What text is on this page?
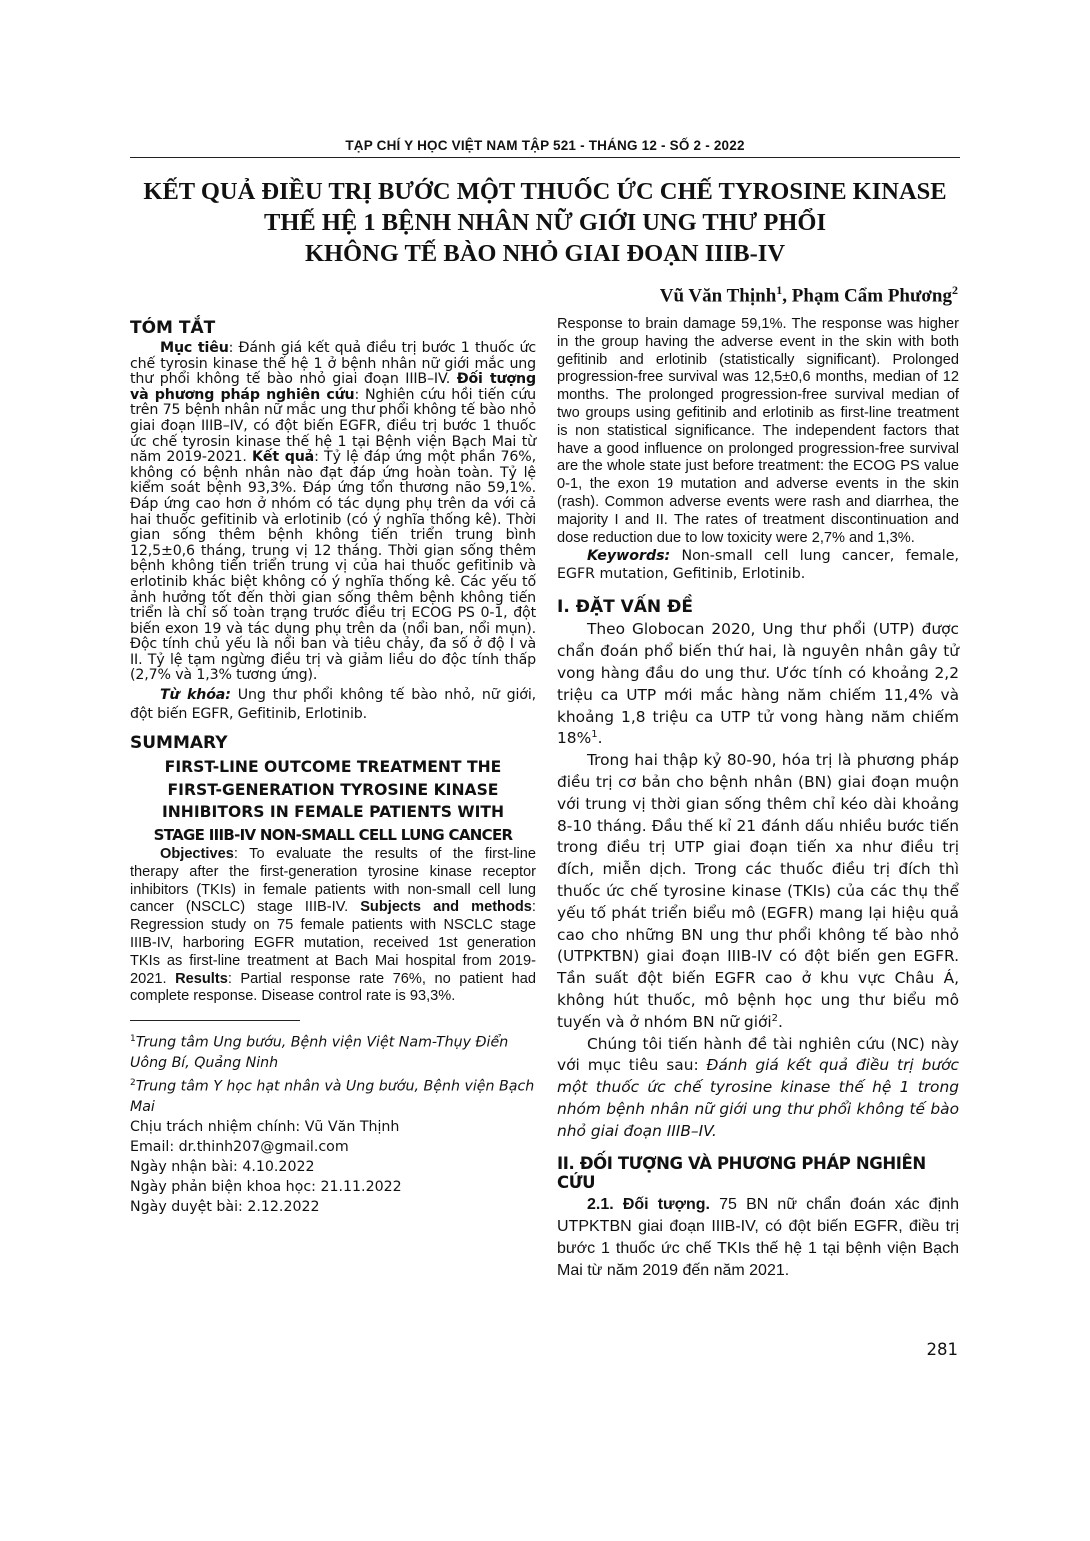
TẠP CHÍ Y HỌC VIỆT NAM TẬP 521 - THÁNG 12 - SỐ 2 - 2022
KẾT QUẢ ĐIỀU TRỊ BƯỚC MỘT THUỐC ỨC CHẾ TYROSINE KINASE
THẾ HỆ 1 BỆNH NHÂN NỮ GIỚI UNG THƯ PHỔI
KHÔNG TẾ BÀO NHỎ GIAI ĐOẠN IIIB-IV
Vũ Văn Thịnh$^1$, Phạm Cẩm Phương$^2$
TÓM TẮT

Mục tiêu: Đánh giá kết quả điều trị bước 1 thuốc ức chế tyrosin kinase thế hệ 1 ở bệnh nhân nữ giới mắc ung thư phổi không tế bào nhỏ giai đoạn IIIB–IV. Đối tượng và phương pháp nghiên cứu: Nghiên cứu hồi tiến cứu trên 75 bệnh nhân nữ mắc ung thư phổi không tế bào nhỏ giai đoạn IIIB–IV, có đột biến EGFR, điều trị bước 1 thuốc ức chế tyrosin kinase thế hệ 1 tại Bệnh viện Bạch Mai từ năm 2019-2021. Kết quả: Tỷ lệ đáp ứng một phần 76%, không có bệnh nhân nào đạt đáp ứng hoàn toàn. Tỷ lệ kiểm soát bệnh 93,3%. Đáp ứng tổn thương não 59,1%. Đáp ứng cao hơn ở nhóm có tác dụng phụ trên da với cả hai thuốc gefitinib và erlotinib (có ý nghĩa thống kê). Thời gian sống thêm bệnh không tiến triển trung bình 12,5±0,6 tháng, trung vị 12 tháng. Thời gian sống thêm bệnh không tiến triển trung vị của hai thuốc gefitinib và erlotinib khác biệt không có ý nghĩa thống kê. Các yếu tố ảnh hưởng tốt đến thời gian sống thêm bệnh không tiến triển là chỉ số toàn trạng trước điều trị ECOG PS 0-1, đột biến exon 19 và tác dụng phụ trên da (nổi ban, nổi mụn). Độc tính chủ yếu là nổi ban và tiêu chảy, đa số ở độ I và II. Tỷ lệ tạm ngừng điều trị và giảm liều do độc tính thấp (2,7% và 1,3% tương ứng).

Từ khóa: Ung thư phổi không tế bào nhỏ, nữ giới, đột biến EGFR, Gefitinib, Erlotinib.

SUMMARY

FIRST-LINE OUTCOME TREATMENT THE

FIRST-GENERATION TYROSINE KINASE

INHIBITORS IN FEMALE PATIENTS WITH

STAGE IIIB-IV NON-SMALL CELL LUNG CANCER

Objectives: To evaluate the results of the first-line therapy after the first-generation tyrosine kinase receptor inhibitors (TKIs) in female patients with non-small cell lung cancer (NSCLC) stage IIIB-IV. Subjects and methods: Regression study on 75 female patients with NSCLC stage IIIB-IV, harboring EGFR mutation, received 1st generation TKIs as first-line treatment at Bach Mai hospital from 2019-2021. Results: Partial response rate 76%, no patient had complete response. Disease control rate is 93,3%.

$^1$Trung tâm Ung bướu, Bệnh viện Việt Nam-Thụy Điển Uông Bí, Quảng Ninh

$^2$Trung tâm Y học hạt nhân và Ung bướu, Bệnh viện Bạch Mai

Chịu trách nhiệm chính: Vũ Văn Thịnh

Email: dr.thinh207@gmail.com

Ngày nhận bài: 4.10.2022

Ngày phản biện khoa học: 21.11.2022

Ngày duyệt bài: 2.12.2022

Response to brain damage 59,1%. The response was higher in the group having the adverse event in the skin with both gefitinib and erlotinib (statistically significant). Prolonged progression-free survival was 12,5±0,6 months, median of 12 months. The prolonged progression-free survival median of two groups using gefitinib and erlotinib as first-line treatment is non statistical significance. The independent factors that have a good influence on prolonged progression-free survival are the whole state just before treatment: the ECOG PS value 0-1, the exon 19 mutation and adverse events in the skin (rash). Common adverse events were rash and diarrhea, the majority I and II. The rates of treatment discontinuation and dose reduction due to low toxicity were 2,7% and 1,3%.

Keywords: Non-small cell lung cancer, female, EGFR mutation, Gefitinib, Erlotinib.

I. ĐẶT VẤN ĐỀ

Theo Globocan 2020, Ung thư phổi (UTP) được chẩn đoán phổ biến thứ hai, là nguyên nhân gây tử vong hàng đầu do ung thư. Ước tính có khoảng 2,2 triệu ca UTP mới mắc hàng năm chiếm 11,4% và khoảng 1,8 triệu ca UTP tử vong hàng năm chiếm 18%$^1$.

Trong hai thập kỷ 80-90, hóa trị là phương pháp điều trị cơ bản cho bệnh nhân (BN) giai đoạn muộn với trung vị thời gian sống thêm chỉ kéo dài khoảng 8-10 tháng. Đầu thế kỉ 21 đánh dấu nhiều bước tiến trong điều trị UTP giai đoạn tiến xa như điều trị đích, miễn dịch. Trong các thuốc điều trị đích thì thuốc ức chế tyrosine kinase (TKIs) của các thụ thể yếu tố phát triển biểu mô (EGFR) mang lại hiệu quả cao cho những BN ung thư phổi không tế bào nhỏ (UTPKTBN) giai đoạn IIIB-IV có đột biến gen EGFR. Tần suất đột biến EGFR cao ở khu vực Châu Á, không hút thuốc, mô bệnh học ung thư biểu mô tuyến và ở nhóm BN nữ giới$^2$.

Chúng tôi tiến hành đề tài nghiên cứu (NC) này với mục tiêu sau: Đánh giá kết quả điều trị bước một thuốc ức chế tyrosine kinase thế hệ 1 trong nhóm bệnh nhân nữ giới ung thư phổi không tế bào nhỏ giai đoạn IIIB–IV.

II. ĐỐI TƯỢNG VÀ PHƯƠNG PHÁP NGHIÊN CỨU

2.1. Đối tượng. 75 BN nữ chẩn đoán xác định UTPKTBN giai đoạn IIIB-IV, có đột biến EGFR, điều trị bước 1 thuốc ức chế TKIs thế hệ 1 tại bệnh viện Bạch Mai từ năm 2019 đến năm 2021.

281
